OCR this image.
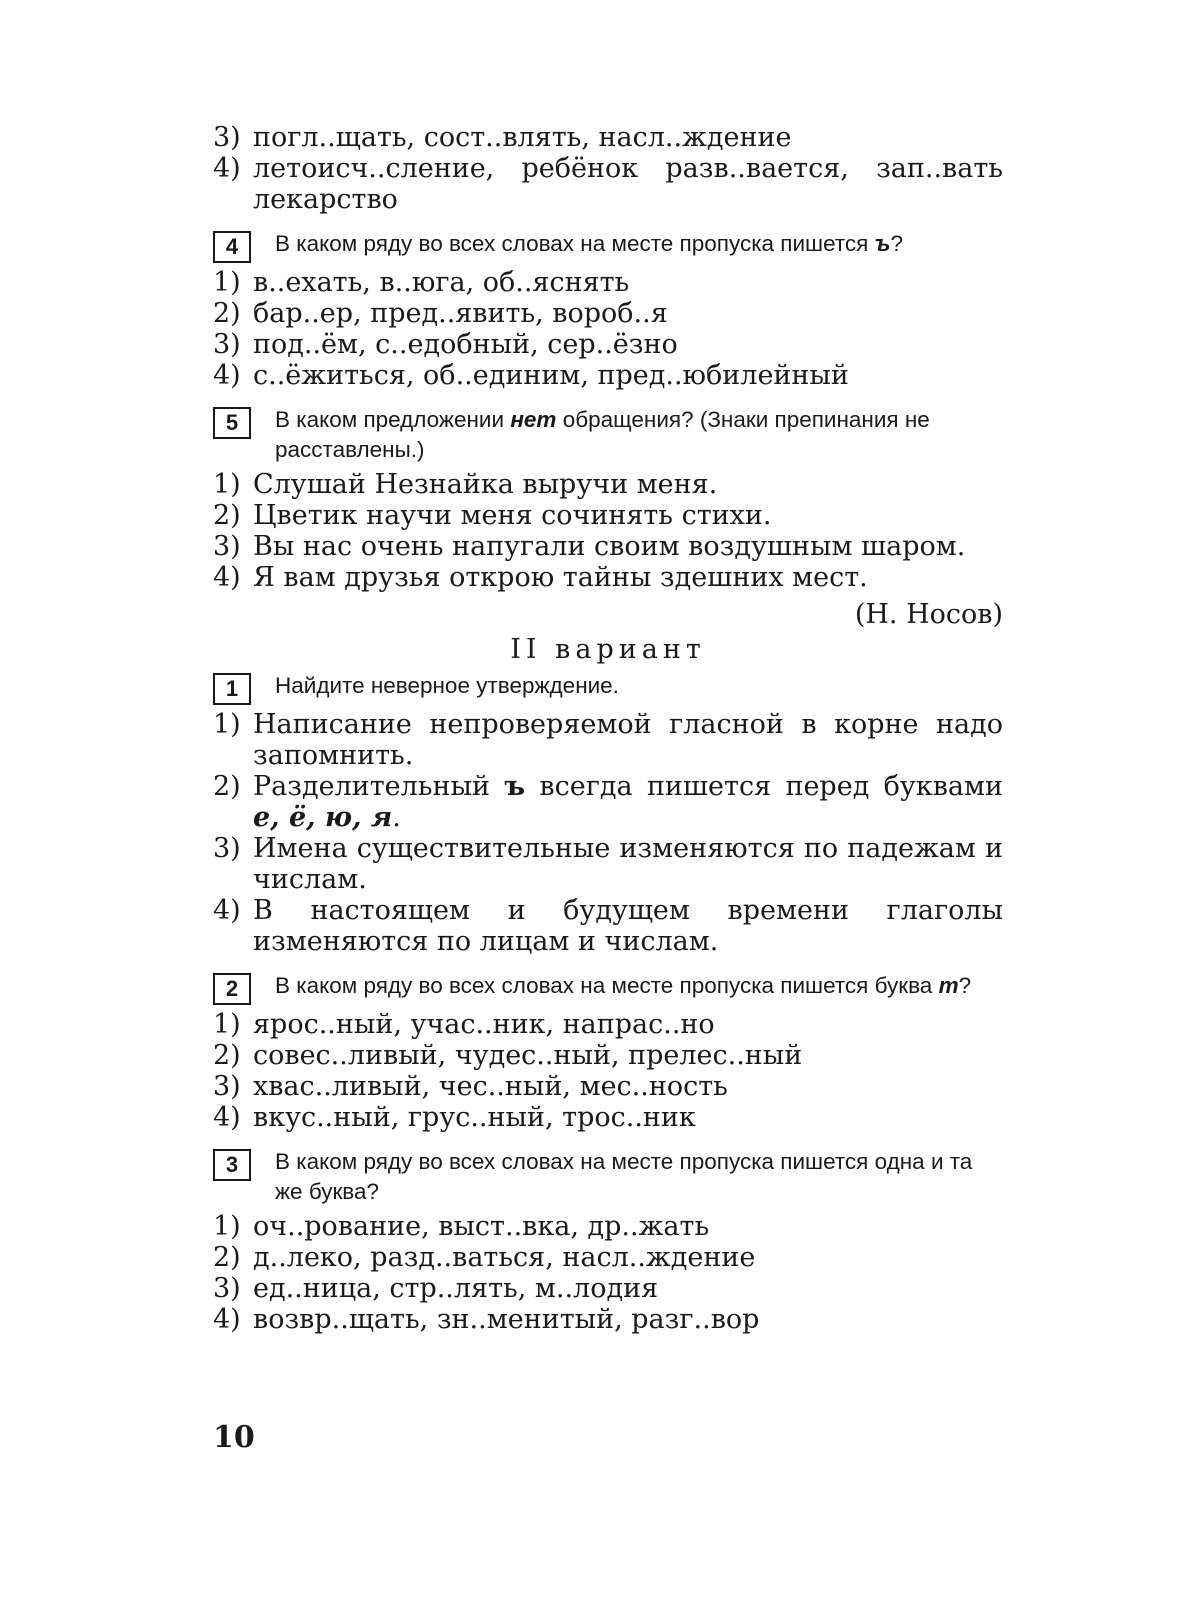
3) погл..щать, сост..влять, насл..ждение
4) летоисч..сление, ребёнок разв..вается, зап..вать лекарство
4	В каком ряду во всех словах на месте пропуска пишется ъ?
1) в..ехать, в..юга, об..яснять
2) бар..ер, пред..явить, вороб..я
3) под..ём, с..едобный, сер..ёзно
4) с..ёжиться, об..единим, пред..юбилейный
5	В каком предложении нет обращения? (Знаки препинания не расставлены.)
1) Слушай Незнайка выручи меня.
2) Цветик научи меня сочинять стихи.
3) Вы нас очень напугали своим воздушным шаром.
4) Я вам друзья открою тайны здешних мест.
(Н. Носов)
II вариант
1	Найдите неверное утверждение.
1) Написание непроверяемой гласной в корне надо запомнить.
2) Разделительный ъ всегда пишется перед буквами е, ё, ю, я.
3) Имена существительные изменяются по падежам и числам.
4) В настоящем и будущем времени глаголы изменяются по лицам и числам.
2	В каком ряду во всех словах на месте пропуска пишется буква т?
1) ярос..ный, учас..ник, напрас..но
2) совес..ливый, чудес..ный, прелес..ный
3) хвас..ливый, чес..ный, мес..ность
4) вкус..ный, грус..ный, трос..ник
3	В каком ряду во всех словах на месте пропуска пишется одна и та же буква?
1) оч..рование, выст..вка, др..жать
2) д..леко, разд..ваться, насл..ждение
3) ед..ница, стр..лять, м..лодия
4) возвр..щать, зн..менитый, разг..вор
10
